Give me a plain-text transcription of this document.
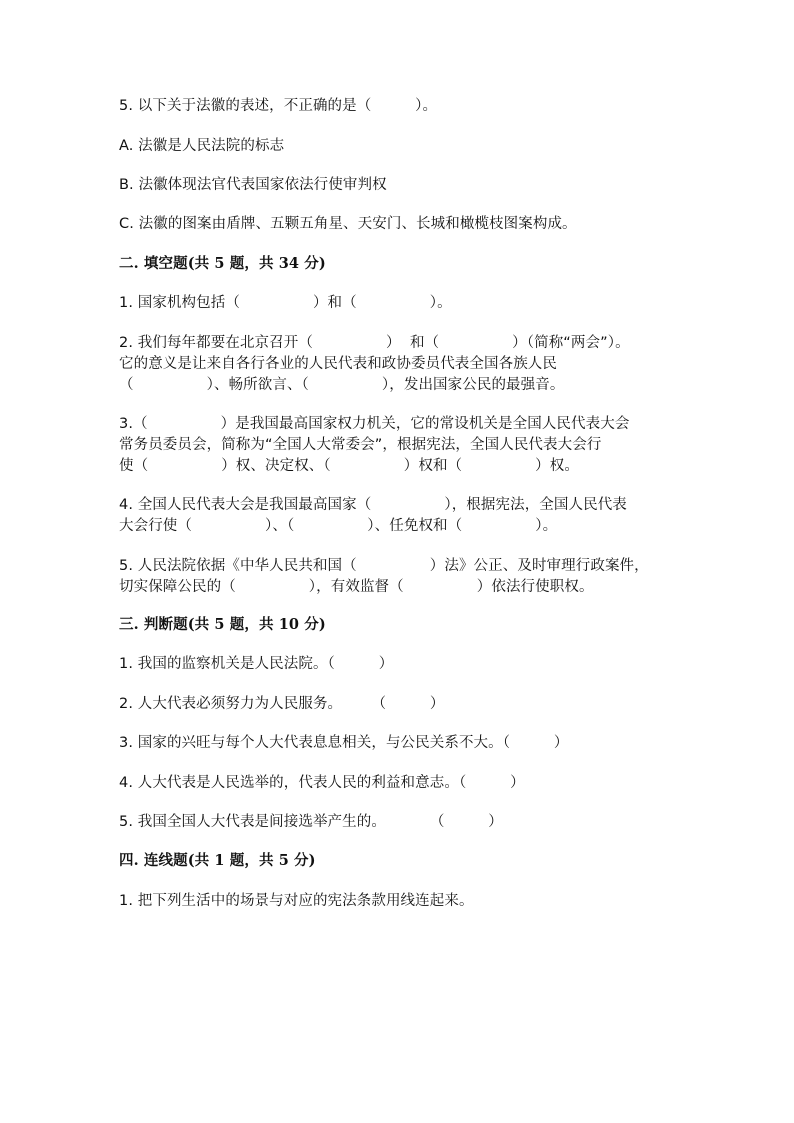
5. 以下关于法徽的表述，不正确的是（　　　）。
A. 法徽是人民法院的标志
B. 法徽体现法官代表国家依法行使审判权
C. 法徽的图案由盾牌、五颗五角星、天安门、长城和橄榄枝图案构成。
二. 填空题(共 5 题，共 34 分)
1. 国家机构包括（　　　　　）和（　　　　　）。
2. 我们每年都要在北京召开（　　　　　）  和（　　　　　）（简称“两会”）。
它的意义是让来自各行各业的人民代表和政协委员代表全国各族人民
（　　　　　）、畅所欲言、（　　　　　），发出国家公民的最强音。
3.（　　　　　）是我国最高国家权力机关，它的常设机关是全国人民代表大会
常务员委员会，简称为“全国人大常委会”，根据宪法，全国人民代表大会行
使（　　　　　）权、决定权、（　　　　　）权和（　　　　　）权。
4. 全国人民代表大会是我国最高国家（　　　　　），根据宪法，全国人民代表
大会行使（　　　　　）、（　　　　　）、任免权和（　　　　　）。
5. 人民法院依据《中华人民共和国（　　　　　）法》公正、及时审理行政案件，
切实保障公民的（　　　　　），有效监督（　　　　　）依法行使职权。
三. 判断题(共 5 题，共 10 分)
1. 我国的监察机关是人民法院。（　　　）
2. 人大代表必须努力为人民服务。　　　（　　　）
3. 国家的兴旺与每个人大代表息息相关，与公民关系不大。（　　　）
4. 人大代表是人民选举的，代表人民的利益和意志。（　　　）
5. 我国全国人大代表是间接选举产生的。　　　　（　　　）
四. 连线题(共 1 题，共 5 分)
1. 把下列生活中的场景与对应的宪法条款用线连起来。
